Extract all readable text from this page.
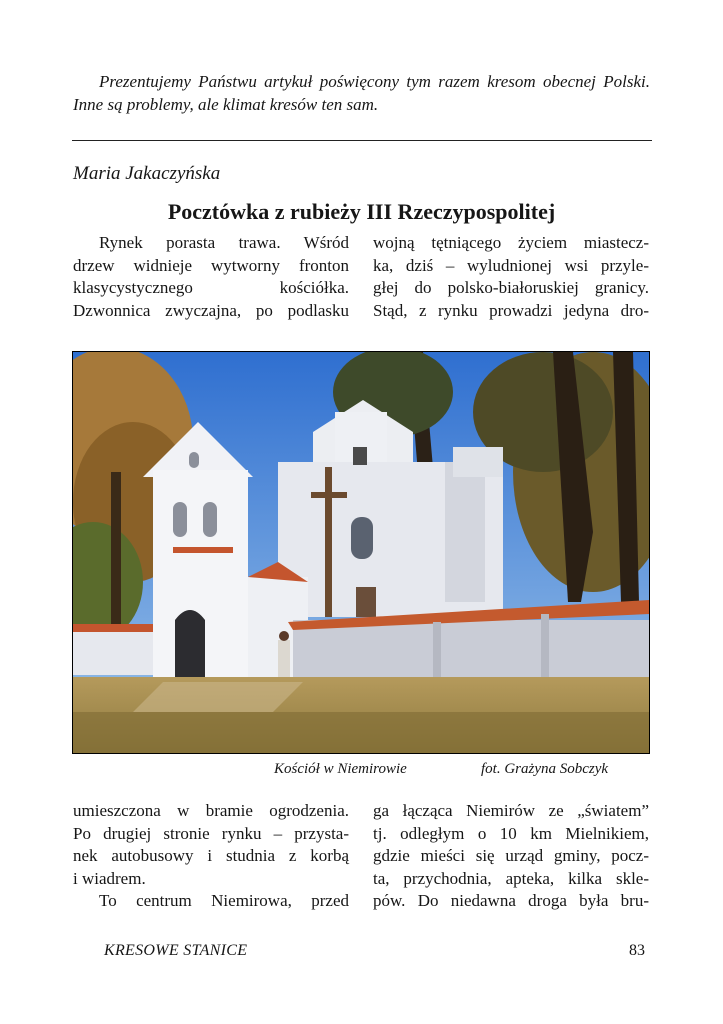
Prezentujemy Państwu artykuł poświęcony tym razem kresom obecnej Polski. Inne są problemy, ale klimat kresów ten sam.

Maria Jakaczyńska

Pocztówka z rubieży III Rzeczypospolitej
Rynek porasta trawa. Wśród
drzew widnieje wytworny fronton
klasycystycznego kościółka.
Dzwonnica zwyczajna, po podlasku
wojną tętniącego życiem miastecz-
ka, dziś – wyludnionej wsi przyle-
głej do polsko-białoruskiej granicy.
Stąd, z rynku prowadzi jedyna dro-

Kościół w Niemirowie	fot. Grażyna Sobczyk

umieszczona w bramie ogrodzenia.
Po drugiej stronie rynku – przysta-
nek autobusowy i studnia z korbą
i wiadrem.
To centrum Niemirowa, przed
ga łącząca Niemirów ze „światem”
tj. odległym o 10 km Mielnikiem,
gdzie mieści się urząd gminy, pocz-
ta, przychodnia, apteka, kilka skle-
pów. Do niedawna droga była bru-

KRESOWE STANICE	83
